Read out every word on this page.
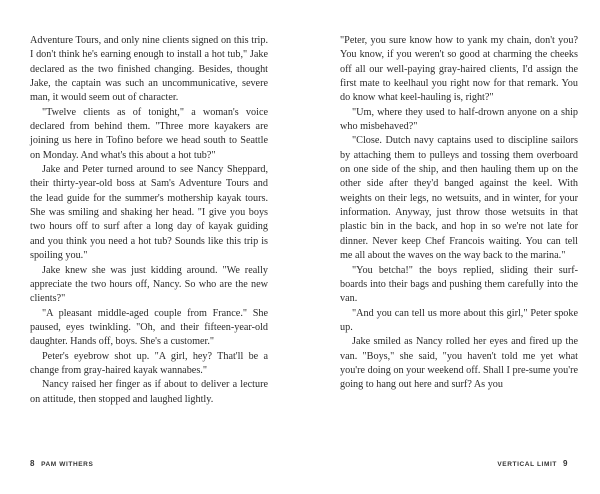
Adventure Tours, and only nine clients signed on this trip. I don't think he's earning enough to install a hot tub," Jake declared as the two finished changing. Besides, thought Jake, the captain was such an uncommunicative, severe man, it would seem out of character.

"Twelve clients as of tonight," a woman's voice declared from behind them. "Three more kayakers are joining us here in Tofino before we head south to Seattle on Monday. And what's this about a hot tub?"

Jake and Peter turned around to see Nancy Sheppard, their thirty-year-old boss at Sam's Adventure Tours and the lead guide for the summer's mothership kayak tours. She was smiling and shaking her head. "I give you boys two hours off to surf after a long day of kayak guiding and you think you need a hot tub? Sounds like this trip is spoiling you."

Jake knew she was just kidding around. "We really appreciate the two hours off, Nancy. So who are the new clients?"

"A pleasant middle-aged couple from France." She paused, eyes twinkling. "Oh, and their fifteen-year-old daughter. Hands off, boys. She's a customer."

Peter's eyebrow shot up. "A girl, hey? That'll be a change from gray-haired kayak wannabes."

Nancy raised her finger as if about to deliver a lecture on attitude, then stopped and laughed lightly.

"Peter, you sure know how to yank my chain, don't you? You know, if you weren't so good at charming the cheeks off all our well-paying gray-haired clients, I'd assign the first mate to keelhaul you right now for that remark. You do know what keel-hauling is, right?"

"Um, where they used to half-drown anyone on a ship who misbehaved?"

"Close. Dutch navy captains used to discipline sailors by attaching them to pulleys and tossing them overboard on one side of the ship, and then hauling them up on the other side after they'd banged against the keel. With weights on their legs, no wetsuits, and in winter, for your information. Anyway, just throw those wetsuits in that plastic bin in the back, and hop in so we're not late for dinner. Never keep Chef Francois waiting. You can tell me all about the waves on the way back to the marina."

"You betcha!" the boys replied, sliding their surf-boards into their bags and pushing them carefully into the van.

"And you can tell us more about this girl," Peter spoke up.

Jake smiled as Nancy rolled her eyes and fired up the van. "Boys," she said, "you haven't told me yet what you're doing on your weekend off. Shall I pre-sume you're going to hang out here and surf? As you

8 PAM WITHERS	VERTICAL LIMIT 9
